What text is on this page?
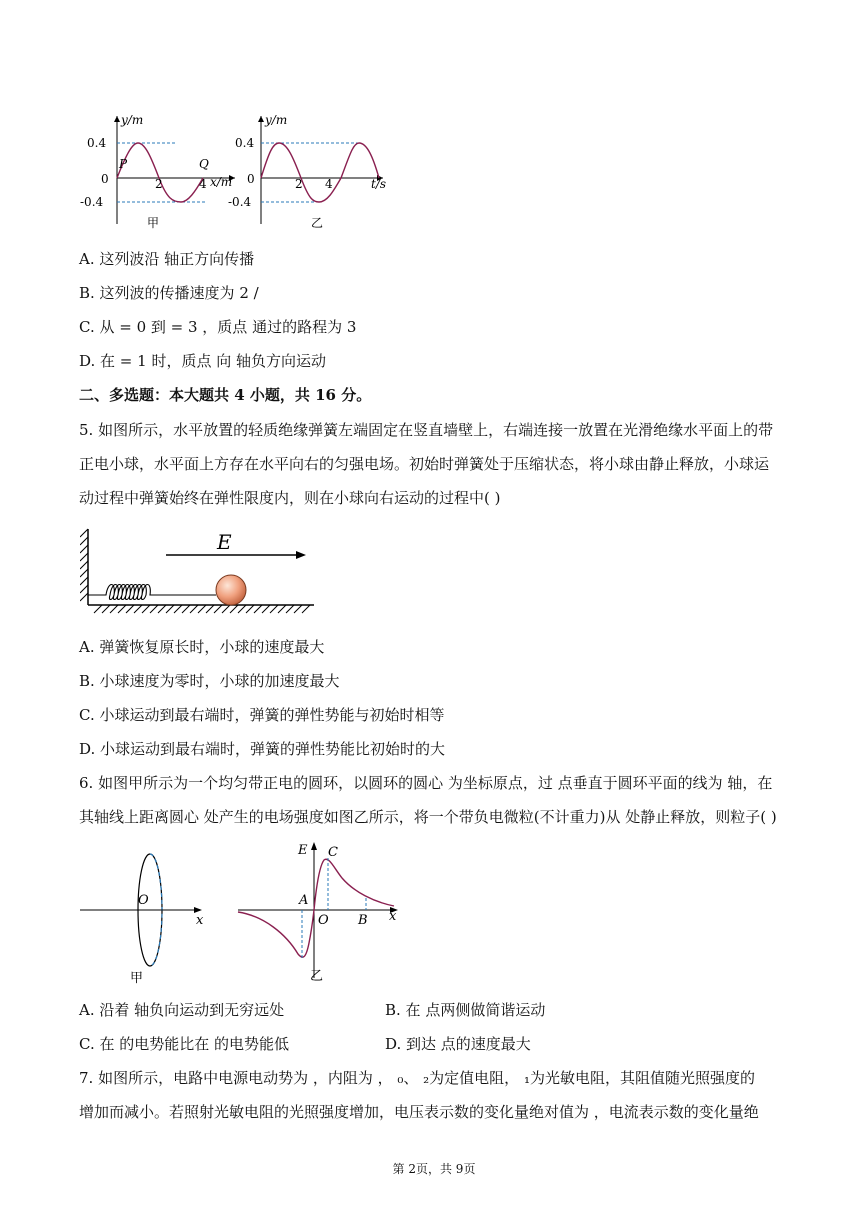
y/m
x/m
0.4
0
-0.4
2	4
P	Q
甲
y/m
t/s
0.4
0
-0.4
2 4
乙
A. 这列波沿 轴正方向传播
B. 这列波的传播速度为 2 /
C. 从 = 0 到 = 3 ，质点 通过的路程为 3
D. 在 = 1 时，质点 向 轴负方向运动
二、多选题：本大题共 4 小题，共 16 分。
5. 如图所示，水平放置的轻质绝缘弹簧左端固定在竖直墙壁上，右端连接一放置在光滑绝缘水平面上的带
正电小球，水平面上方存在水平向右的匀强电场。初始时弹簧处于压缩状态，将小球由静止释放，小球运
动过程中弹簧始终在弹性限度内，则在小球向右运动的过程中( )
E
A. 弹簧恢复原长时，小球的速度最大
B. 小球速度为零时，小球的加速度最大
C. 小球运动到最右端时，弹簧的弹性势能与初始时相等
D. 小球运动到最右端时，弹簧的弹性势能比初始时的大
6. 如图甲所示为一个均匀带正电的圆环，以圆环的圆心 为坐标原点，过 点垂直于圆环平面的线为 轴，在
其轴线上距离圆心 处产生的电场强度如图乙所示，将一个带负电微粒(不计重力)从 处静止释放，则粒子( )
O
x
甲
E C
A
O B x
乙
A. 沿着 轴负向运动到无穷远处	B. 在 点两侧做简谐运动
C. 在 的电势能比在 的电势能低	D. 到达 点的速度最大
7. 如图所示，电路中电源电动势为 ，内阻为 ， ₀、 ₂为定值电阻， ₁为光敏电阻，其阻值随光照强度的
增加而减小。若照射光敏电阻的光照强度增加，电压表示数的变化量绝对值为 ，电流表示数的变化量绝
第 2页，共 9页
